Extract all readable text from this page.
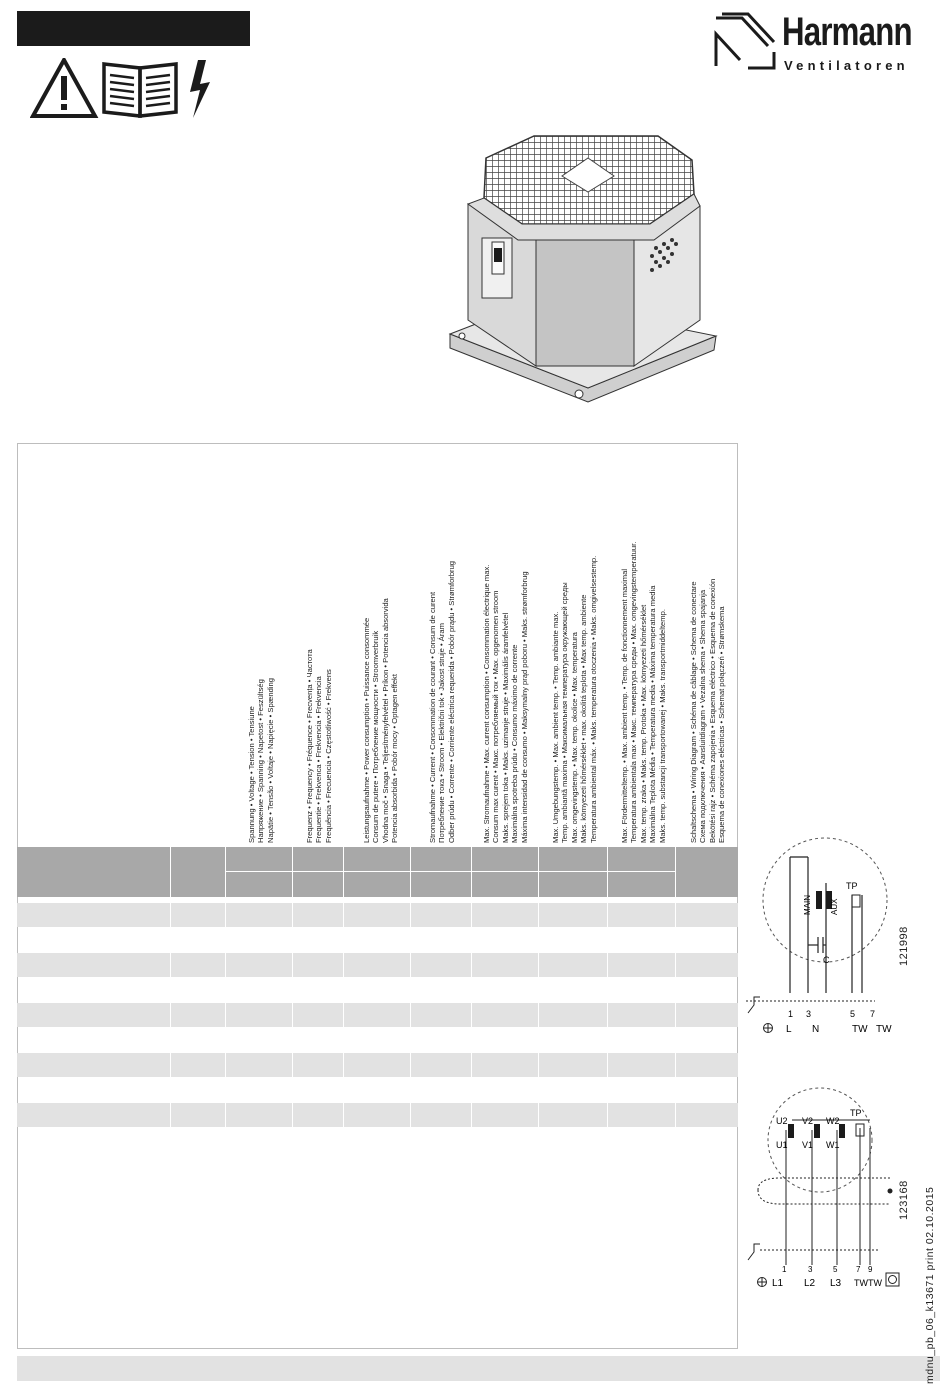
Harmann
Ventilatoren
Spannung • Voltage • Tension • Tensiune
Напряжение • Spanning • Napetost • Feszültség
Napätie • Tensão • Voltaje • Napięcie • Spænding
Frequenz • Frequency • Fréquence • Frecvența • Частота
Frequentie • Frekvenca • Frekvencia • Frekvencia
Frequência • Frecuencia • Częstotliwość • Frekvens
Leistungsaufnahme • Power consumption • Puissance consommée
Consum de putere • Потребление мощности • Stroomverbruik
Vhodna moč • Snaga • Teljesítményfelvétel • Príkon • Potencia absorvida
Potencia absorbida • Pobór mocy • Optagen effekt
Stromaufnahme • Current • Consommation de courant • Consum de curent
Потребление тока • Stroom • Električni tok • Jakost struje • Áram
Odber prúdu • Corrente • Corriente eléctrica requerida • Pobór prądu • Strømforbrug
Max. Stromaufnahme • Max. current consumption • Consommation électrique max.
Consum max curent • Макс. потребляемый ток • Max. opgenomen stroom
Maks. sprejem toka • Maks. uzimanje struje • Maximális áramfelvétel
Maximálna spotreba prúdu • Consumo máximo de corrente
Máxima intensidad de consumo • Maksymalny prąd poboru • Maks. strømforbrug
Max. Umgebungstemp. • Max. ambient temp. • Temp. ambiante max.
Temp. ambiantă maxima • Максимальная температура окружающей среды
Max. omgevingstemp. • Max. temp. okolice • Max. temperatura
Maks. környezeti hőmérséklet • max. okolitá teplota • Max temp. ambiente
Temperatura ambiental máx. • Maks. temperatura otoczenia • Maks. omgivelsestemp.
Max. Fördermitteltemp. • Max. ambient temp. • Temp. de fonctionnement maximal
Temperatura ambientala max • Макс. температура среды • Max. omgevingstemperatuur.
Max. temp. zraka • Maks. temp. Protoka • Max. környezeti hőmérséklet
Maximálna Teplota Média • Temperatura media • Máxima temperatura media
Maks. temp. substancji transportowanej • Maks. transportmiddeltemp.
Schaltschema • Wiring Diagram • Schéma de câblage • Schema de conectare
Схема подключения • Aansluitdiagram • Vezalna shema • Shema spajanja
Bekötési rajz • Schéma zapojenia • Esquema eléctrico • Esquema de conexión
Esquema de conexiones eléctricas • Schemat połączeń • Strømskema
MAIN AUX
TP
C
1 3	5 7
L N	TW TW
121998
U2 V2 W2
TP
U1 V1 W1
1	3	5 7 9
L1 L2 L3 TWTW
123168 mdnu_pb_06_k13671 print 02.10.2015
